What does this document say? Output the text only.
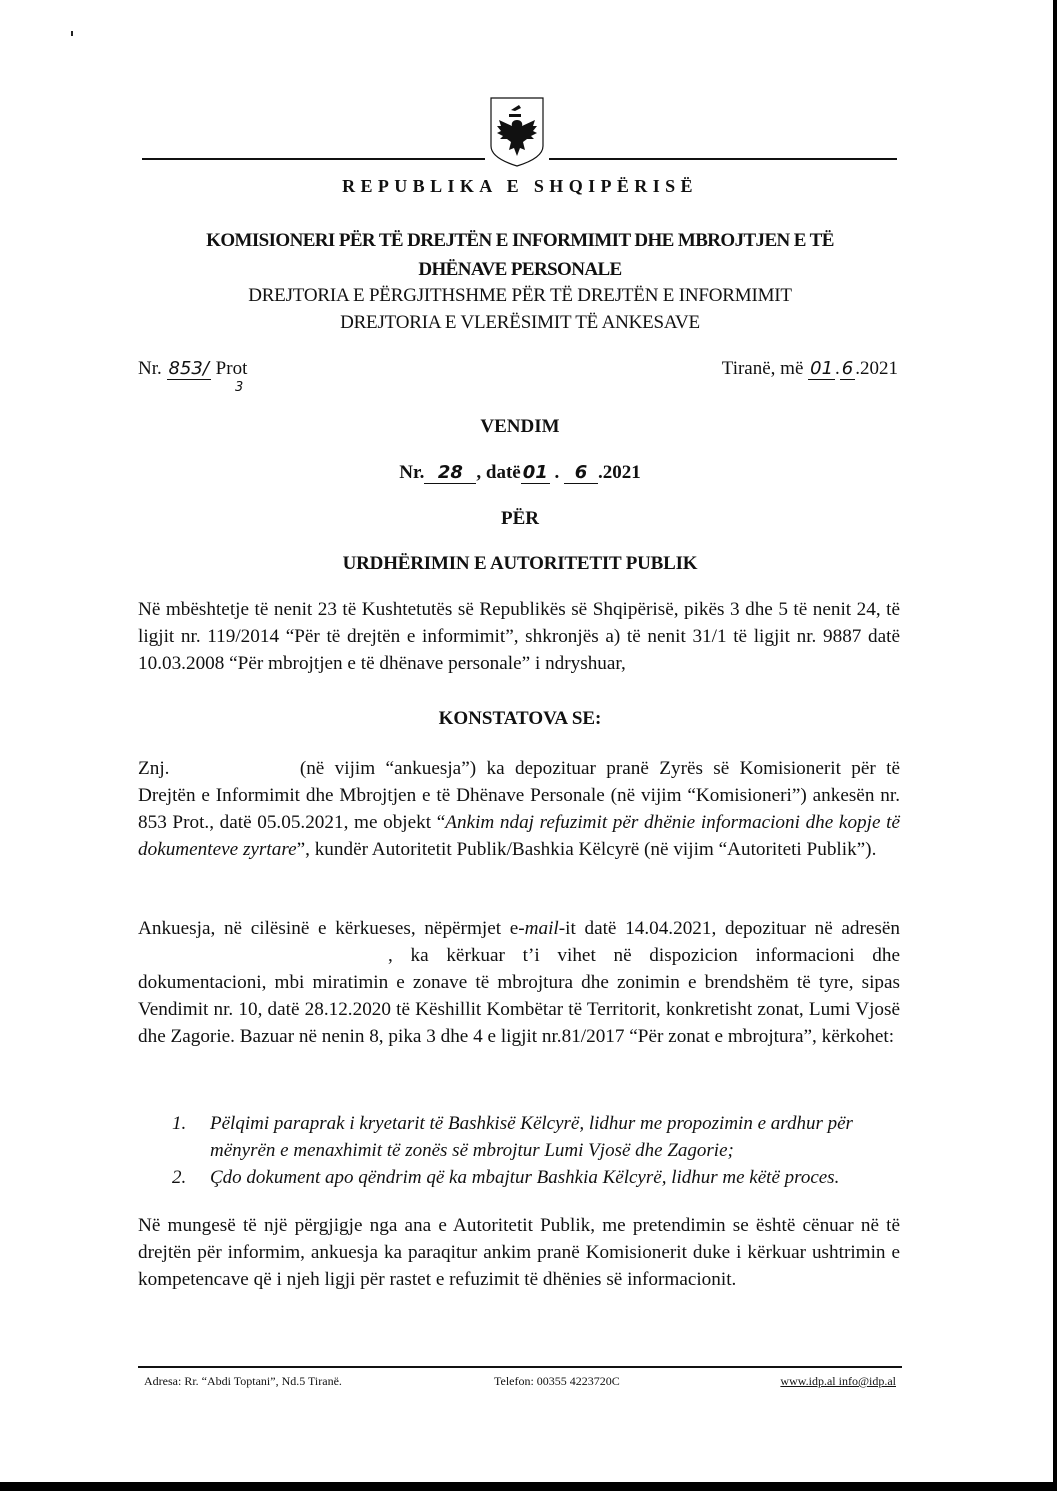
REPUBLIKA E SHQIPËRISË
KOMISIONERI PËR TË DREJTËN E INFORMIMIT DHE MBROJTJEN E TË
DHËNAVE PERSONALE
DREJTORIA E PËRGJITHSHME PËR TË DREJTËN E INFORMIMIT
DREJTORIA E VLERËSIMIT TË ANKESAVE
Nr. 853/ Prot
3
Tiranë, më 01 . 6 .2021
VENDIM
Nr. 28 , datë 01 . 6 .2021
PËR
URDHËRIMIN E AUTORITETIT PUBLIK
Në mbështetje të nenit 23 të Kushtetutës së Republikës së Shqipërisë, pikës 3 dhe 5 të nenit 24, të ligjit nr. 119/2014 “Për të drejtën e informimit”, shkronjës a) të nenit 31/1 të ligjit nr. 9887 datë 10.03.2008 “Për mbrojtjen e të dhënave personale” i ndryshuar,
KONSTATOVA SE:
Znj.	(në vijim “ankuesja”) ka depozituar pranë Zyrës së Komisionerit për të Drejtën e Informimit dhe Mbrojtjen e të Dhënave Personale (në vijim “Komisioneri”) ankesën nr. 853 Prot., datë 05.05.2021, me objekt “Ankim ndaj refuzimit për dhënie informacioni dhe kopje të dokumenteve zyrtare”, kundër Autoritetit Publik/Bashkia Këlcyrë (në vijim “Autoriteti Publik”).
Ankuesja, në cilësinë e kërkueses, nëpërmjet e-mail-it datë 14.04.2021, depozituar në adresën, ka kërkuar t’i vihet në dispozicion informacioni dhe dokumentacioni, mbi miratimin e zonave të mbrojtura dhe zonimin e brendshëm të tyre, sipas Vendimit nr. 10, datë 28.12.2020 të Këshillit Kombëtar të Territorit, konkretisht zonat, Lumi Vjosë dhe Zagorie. Bazuar në nenin 8, pika 3 dhe 4 e ligjit nr.81/2017 “Për zonat e mbrojtura”, kërkohet:
1. Pëlqimi paraprak i kryetarit të Bashkisë Këlcyrë, lidhur me propozimin e ardhur për mënyrën e menaxhimit të zonës së mbrojtur Lumi Vjosë dhe Zagorie;
2. Çdo dokument apo qëndrim që ka mbajtur Bashkia Këlcyrë, lidhur me këtë proces.
Në mungesë të një përgjigje nga ana e Autoritetit Publik, me pretendimin se është cënuar në të drejtën për informim, ankuesja ka paraqitur ankim pranë Komisionerit duke i kërkuar ushtrimin e kompetencave që i njeh ligji për rastet e refuzimit të dhënies së informacionit.
Adresa: Rr. “Abdi Toptani”, Nd.5 Tiranë.	Telefon: 00355 4223720C	www.idp.al info@idp.al
